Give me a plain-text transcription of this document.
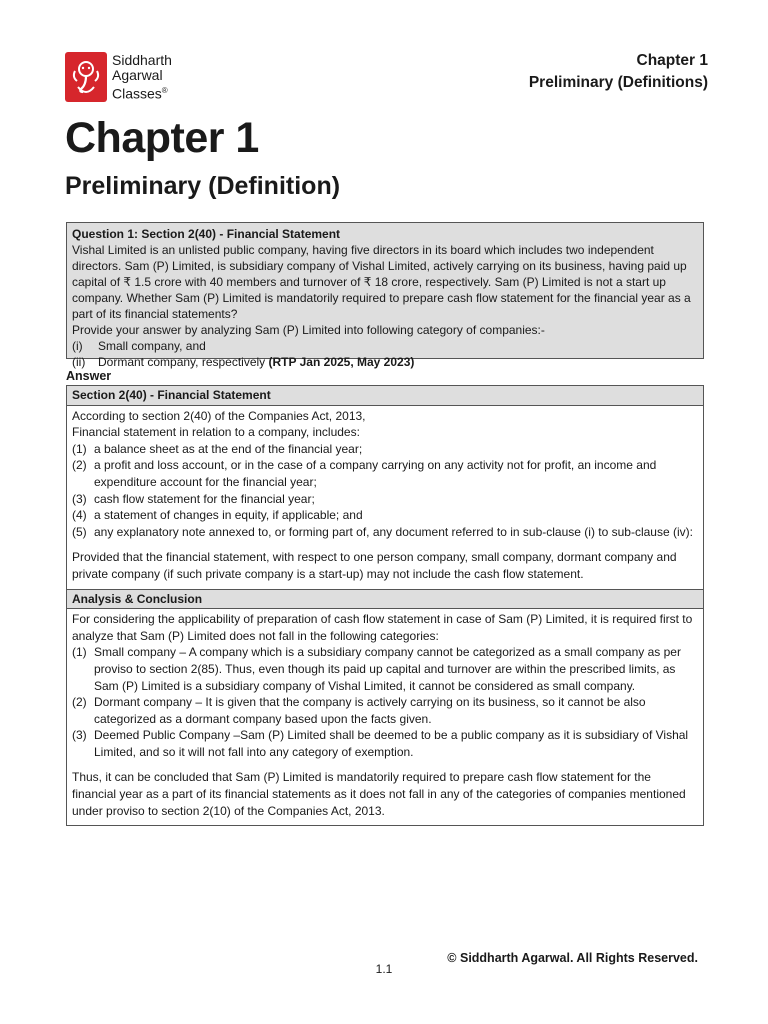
Siddharth
Agarwal
Classes®
Chapter 1
Preliminary (Definitions)
Chapter 1
Preliminary (Definition)
Question 1: Section 2(40) - Financial Statement

Vishal Limited is an unlisted public company, having five directors in its board which includes two independent directors. Sam (P) Limited, is subsidiary company of Vishal Limited, actively carrying on its business, having paid up capital of ₹ 1.5 crore with 40 members and turnover of ₹ 18 crore, respectively. Sam (P) Limited is not a start up company. Whether Sam (P) Limited is mandatorily required to prepare cash flow statement for the financial year as a part of its financial statements?

Provide your answer by analyzing Sam (P) Limited into following category of companies:-

(i)	Small company, and
(ii)	Dormant company, respectively (RTP Jan 2025, May 2023)
Answer
Section 2(40) - Financial Statement

According to section 2(40) of the Companies Act, 2013,

Financial statement in relation to a company, includes:

(1) a balance sheet as at the end of the financial year;
(2) a profit and loss account, or in the case of a company carrying on any activity not for profit, an income and expenditure account for the financial year;
(3) cash flow statement for the financial year;
(4) a statement of changes in equity, if applicable; and
(5) any explanatory note annexed to, or forming part of, any document referred to in sub-clause (i) to sub-clause (iv):

Provided that the financial statement, with respect to one person company, small company, dormant company and private company (if such private company is a start-up) may not include the cash flow statement.

Analysis & Conclusion

For considering the applicability of preparation of cash flow statement in case of Sam (P) Limited, it is required first to analyze that Sam (P) Limited does not fall in the following categories:

(1) Small company – A company which is a subsidiary company cannot be categorized as a small company as per proviso to section 2(85). Thus, even though its paid up capital and turnover are within the prescribed limits, as Sam (P) Limited is a subsidiary company of Vishal Limited, it cannot be considered as small company.
(2) Dormant company – It is given that the company is actively carrying on its business, so it cannot be also categorized as a dormant company based upon the facts given.
(3) Deemed Public Company –Sam (P) Limited shall be deemed to be a public company as it is subsidiary of Vishal Limited, and so it will not fall into any category of exemption.

Thus, it can be concluded that Sam (P) Limited is mandatorily required to prepare cash flow statement for the financial year as a part of its financial statements as it does not fall in any of the categories of companies mentioned under proviso to section 2(10) of the Companies Act, 2013.

© Siddharth Agarwal. All Rights Reserved.
1.1
